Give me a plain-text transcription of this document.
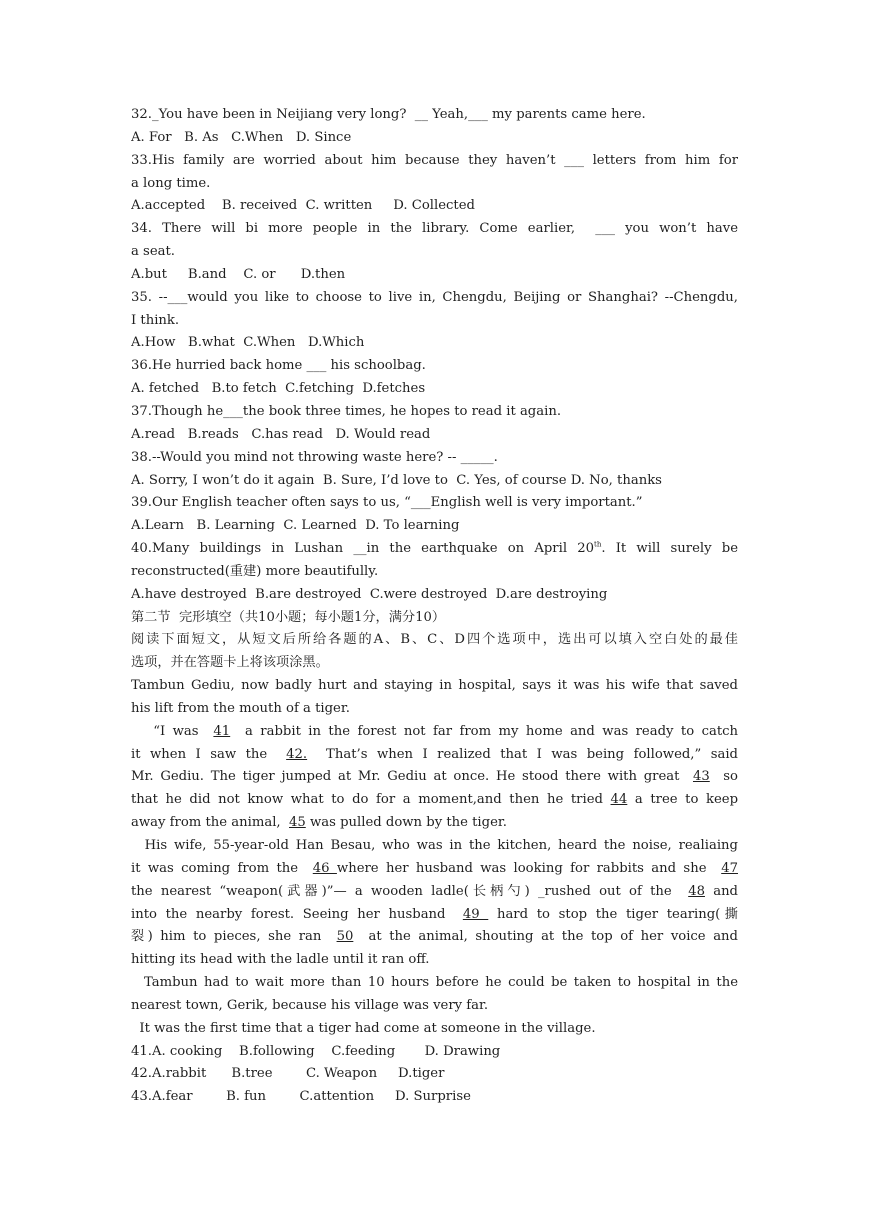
32._You have been in Neijiang very long?  __ Yeah,___ my parents came here.
A. For   B. As   C.When   D. Since
33.His family are worried about him because they haven’t ___ letters from him for
a long time.
A.accepted    B. received  C. written     D. Collected
34. There will bi more people in the library. Come earlier,  ___ you won’t have
a seat.
A.but     B.and    C. or      D.then
35. --___would you like to choose to live in, Chengdu, Beijing or Shanghai? --Chengdu,
I think.
A.How   B.what  C.When   D.Which
36.He hurried back home ___ his schoolbag.
A. fetched   B.to fetch  C.fetching  D.fetches
37.Though he___the book three times, he hopes to read it again.
A.read   B.reads   C.has read   D. Would read
38.--Would you mind not throwing waste here? -- _____.
A. Sorry, I won’t do it again  B. Sure, I’d love to  C. Yes, of course D. No, thanks
39.Our English teacher often says to us, “___English well is very important.”
A.Learn   B. Learning  C. Learned  D. To learning
40.Many buildings in Lushan __in the earthquake on April 20th. It will surely be
reconstructed(重建) more beautifully.
A.have destroyed  B.are destroyed  C.were destroyed  D.are destroying
第二节  完形填空（共10小题；每小题1分，满分10）
阅读下面短文，从短文后所给各题的A、B、C、D四个选项中，选出可以填入空白处的最佳
选项，并在答题卡上将该项涂黑。
Tambun Gediu, now badly hurt and staying in hospital, says it was his wife that saved
his lift from the mouth of a tiger.
“I was  41  a rabbit in the forest not far from my home and was ready to catch
it when I saw the  42.  That’s when I realized that I was being followed,” said
Mr. Gediu. The tiger jumped at Mr. Gediu at once. He stood there with great  43  so
that he did not know what to do for a moment,and then he tried 44 a tree to keep
away from the animal,  45 was pulled down by the tiger.
His wife, 55-year-old Han Besau, who was in the kitchen, heard the noise, realiaing
it was coming from the  46 where her husband was looking for rabbits and she  47
the nearest “weapon(武器)”— a wooden ladle(长柄勺) _rushed out of the  48 and
into the nearby forest. Seeing her husband  49  hard to stop the tiger tearing(撕
裂) him to pieces, she ran  50  at the animal, shouting at the top of her voice and
hitting its head with the ladle until it ran off.
Tambun had to wait more than 10 hours before he could be taken to hospital in the
nearest town, Gerik, because his village was very far.
It was the first time that a tiger had come at someone in the village.
41.A. cooking    B.following    C.feeding       D. Drawing
42.A.rabbit      B.tree        C. Weapon     D.tiger
43.A.fear        B. fun        C.attention     D. Surprise
